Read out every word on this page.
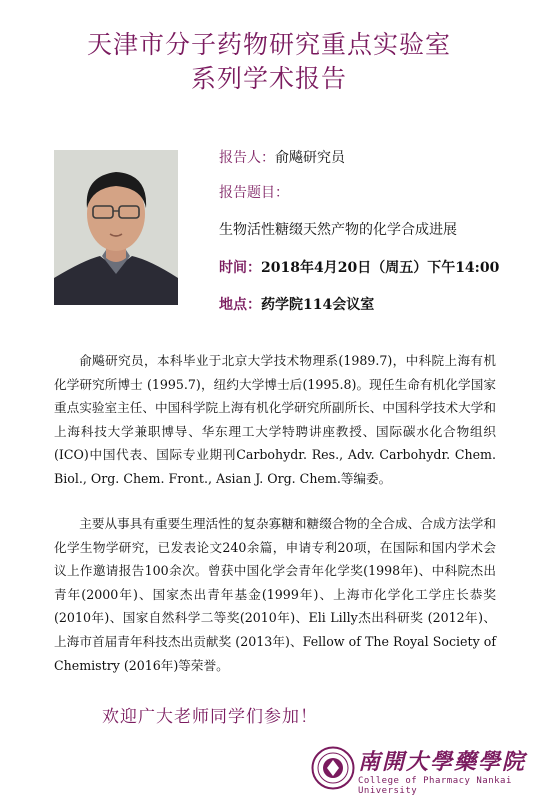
天津市分子药物研究重点实验室
系列学术报告
报告人：俞飚研究员
报告题目：
生物活性糖缀天然产物的化学合成进展
时间：2018年4月20日（周五）下午14:00
地点：药学院114会议室

俞飚研究员，本科毕业于北京大学技术物理系(1989.7)，中科院上海有机化学研究所博士 (1995.7)，纽约大学博士后(1995.8)。现任生命有机化学国家重点实验室主任、中国科学院上海有机化学研究所副所长、中国科学技术大学和上海科技大学兼职博导、华东理工大学特聘讲座教授、国际碳水化合物组织(ICO)中国代表、国际专业期刊Carbohydr. Res., Adv. Carbohydr. Chem. Biol., Org. Chem. Front., Asian J. Org. Chem.等编委。

主要从事具有重要生理活性的复杂寡糖和糖缀合物的全合成、合成方法学和化学生物学研究，已发表论文240余篇，申请专利20项，在国际和国内学术会议上作邀请报告100余次。曾获中国化学会青年化学奖(1998年)、中科院杰出青年(2000年)、国家杰出青年基金(1999年)、上海市化学化工学庄长恭奖(2010年)、国家自然科学二等奖(2010年)、Eli Lilly杰出科研奖 (2012年)、上海市首届青年科技杰出贡献奖 (2013年)、Fellow of The Royal Society of Chemistry (2016年)等荣誉。

欢迎广大老师同学们参加！
南開大學藥學院
College of Pharmacy Nankai University
